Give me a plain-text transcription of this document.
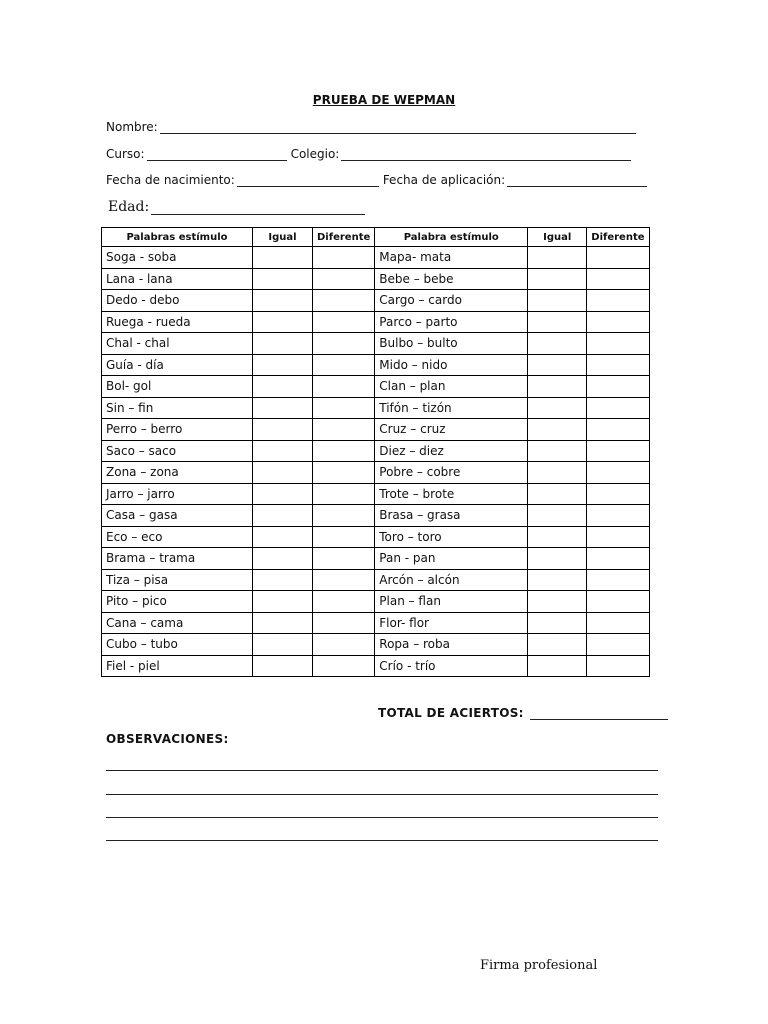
PRUEBA DE WEPMAN
Nombre:
Curso:	Colegio:
Fecha de nacimiento:	Fecha de aplicación:
Edad:
Palabras estímulo	Igual	Diferente	Palabra estímulo	Igual	Diferente
Soga - soba			Mapa- mata		
Lana - lana			Bebe – bebe		
Dedo - debo			Cargo – cardo		
Ruega - rueda			Parco – parto		
Chal - chal			Bulbo – bulto		
Guía - día			Mido – nido		
Bol- gol			Clan – plan		
Sin – fin			Tifón – tizón		
Perro – berro			Cruz – cruz		
Saco – saco			Diez – diez		
Zona – zona			Pobre – cobre		
Jarro – jarro			Trote – brote		
Casa – gasa			Brasa – grasa		
Eco – eco			Toro – toro		
Brama – trama			Pan - pan		
Tiza – pisa			Arcón – alcón		
Pito – pico			Plan – flan		
Cana – cama			Flor- flor		
Cubo – tubo			Ropa – roba		
Fiel - piel			Crío - trío		
TOTAL DE ACIERTOS:
OBSERVACIONES:
Firma profesional
